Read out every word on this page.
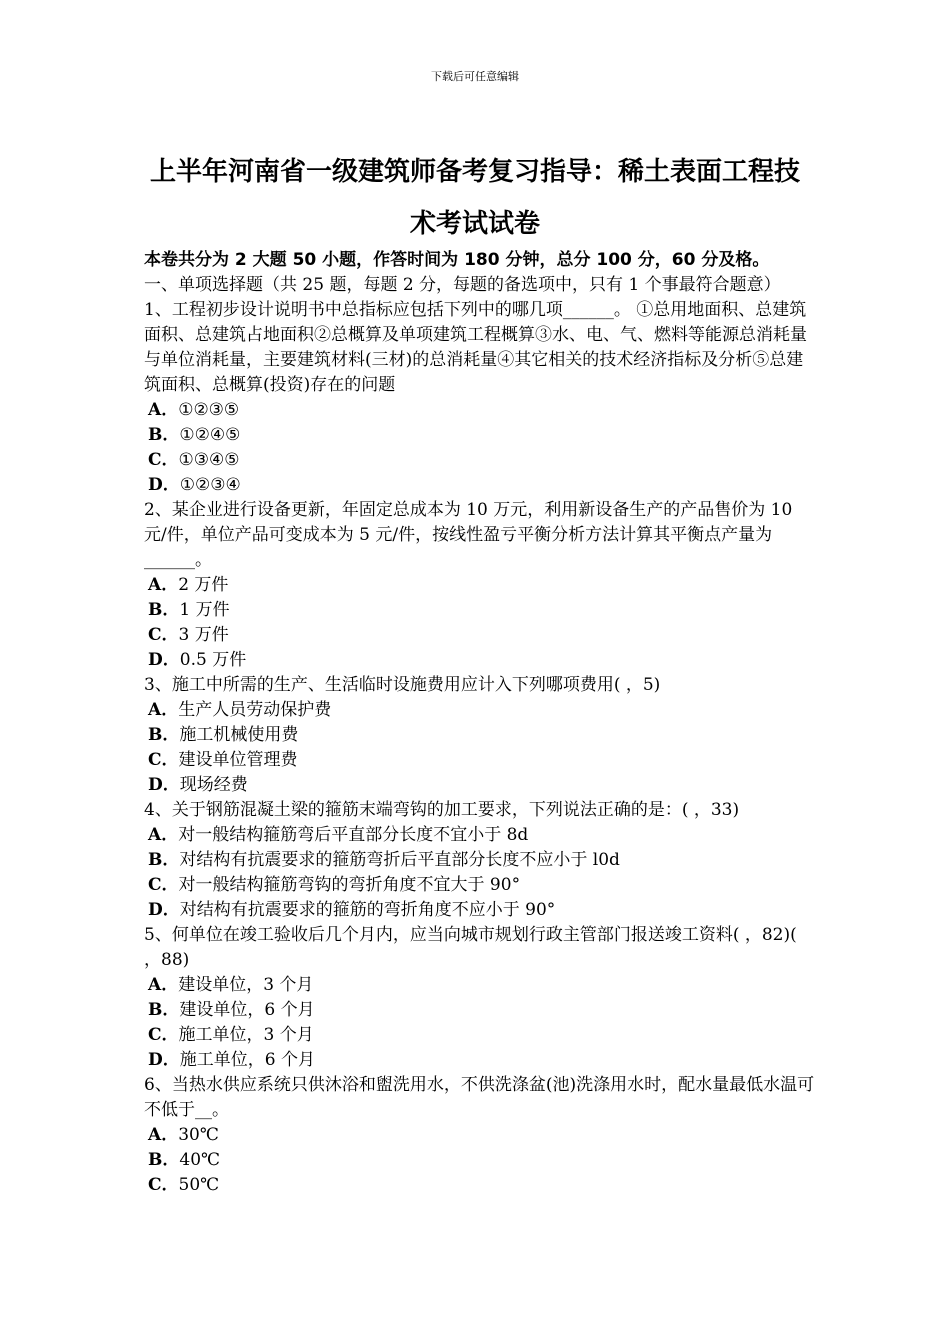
下载后可任意编辑
上半年河南省一级建筑师备考复习指导：稀土表面工程技
术考试试卷
本卷共分为 2 大题 50 小题，作答时间为 180 分钟，总分 100 分，60 分及格。
一、单项选择题（共 25 题，每题 2 分，每题的备选项中，只有 1 个事最符合题意）
1、工程初步设计说明书中总指标应包括下列中的哪几项______。 ①总用地面积、总建筑面积、总建筑占地面积②总概算及单项建筑工程概算③水、电、气、燃料等能源总消耗量与单位消耗量，主要建筑材料(三材)的总消耗量④其它相关的技术经济指标及分析⑤总建筑面积、总概算(投资)存在的问题
A．①②③⑤
B．①②④⑤
C．①③④⑤
D．①②③④
2、某企业进行设备更新，年固定总成本为 10 万元，利用新设备生产的产品售价为 10 元/件，单位产品可变成本为 5 元/件，按线性盈亏平衡分析方法计算其平衡点产量为______。
A．2 万件
B．1 万件
C．3 万件
D．0.5 万件
3、施工中所需的生产、生活临时设施费用应计入下列哪项费用( ，5)
A．生产人员劳动保护费
B．施工机械使用费
C．建设单位管理费
D．现场经费
4、关于钢筋混凝土梁的箍筋末端弯钩的加工要求，下列说法正确的是：( ，33)
A．对一般结构箍筋弯后平直部分长度不宜小于 8d
B．对结构有抗震要求的箍筋弯折后平直部分长度不应小于 l0d
C．对一般结构箍筋弯钩的弯折角度不宜大于 90°
D．对结构有抗震要求的箍筋的弯折角度不应小于 90°
5、何单位在竣工验收后几个月内，应当向城市规划行政主管部门报送竣工资料( ，82)( ，88)
A．建设单位，3 个月
B．建设单位，6 个月
C．施工单位，3 个月
D．施工单位，6 个月
6、当热水供应系统只供沐浴和盥洗用水，不供洗涤盆(池)洗涤用水时，配水量最低水温可不低于__。
A．30℃
B．40℃
C．50℃
